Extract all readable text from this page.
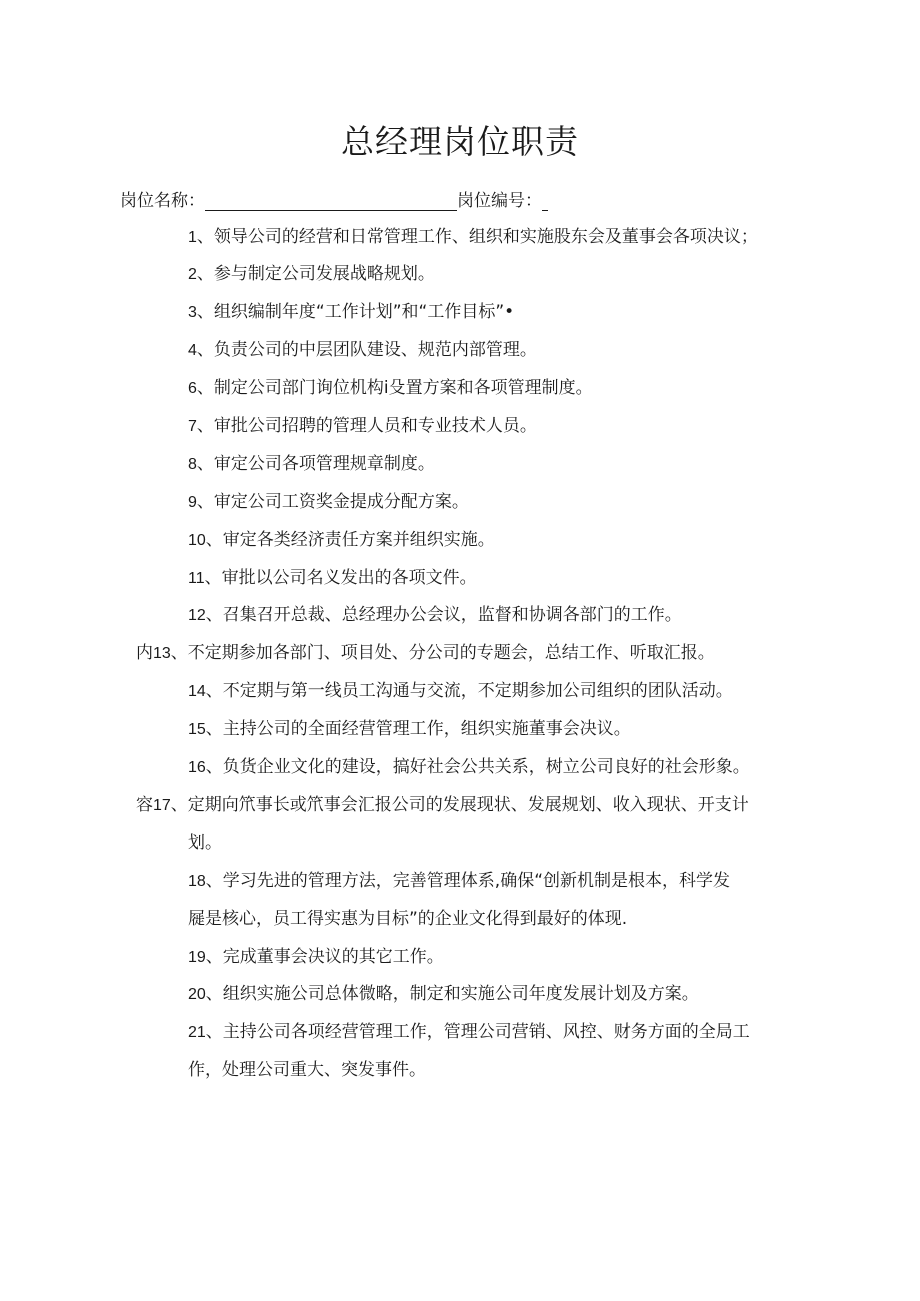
总经理岗位职责
岗位名称：	岗位编号：
1、领导公司的经营和日常管理工作、组织和实施股东会及董事会各项决议；
2、参与制定公司发展战略规划。
3、组织编制年度“工作计划”和“工作目标”•
4、负责公司的中层团队建设、规范内部管理。
6、制定公司部门询位机构i殳置方案和各项管理制度。
7、审批公司招聘的管理人员和专业技术人员。
8、审定公司各项管理规章制度。
9、审定公司工资奖金提成分配方案。
10、审定各类经济责任方案并组织实施。
11、审批以公司名义发出的各项文件。
12、召集召开总裁、总经理办公会议，监督和协调各部门的工作。
内13、不定期参加各部门、项目处、分公司的专题会，总结工作、听取汇报。
14、不定期与第一线员工沟通与交流，不定期参加公司组织的团队活动。
15、主持公司的全面经营管理工作，组织实施董事会决议。
16、负货企业文化的建设，搞好社会公共关系，树立公司良好的社会形象。
容17、定期向笊事长或笊事会汇报公司的发展现状、发展规划、收入现状、开支计
划。
18、学习先进的管理方法，完善管理体系,确保“创新机制是根本，科学发
屣是核心，员工得实惠为目标”的企业文化得到最好的体现.
19、完成董事会决议的其它工作。
20、组织实施公司总体微略，制定和实施公司年度发展计划及方案。
21、主持公司各项经营管理工作，管理公司营销、风控、财务方面的全局工
作，处理公司重大、突发事件。
